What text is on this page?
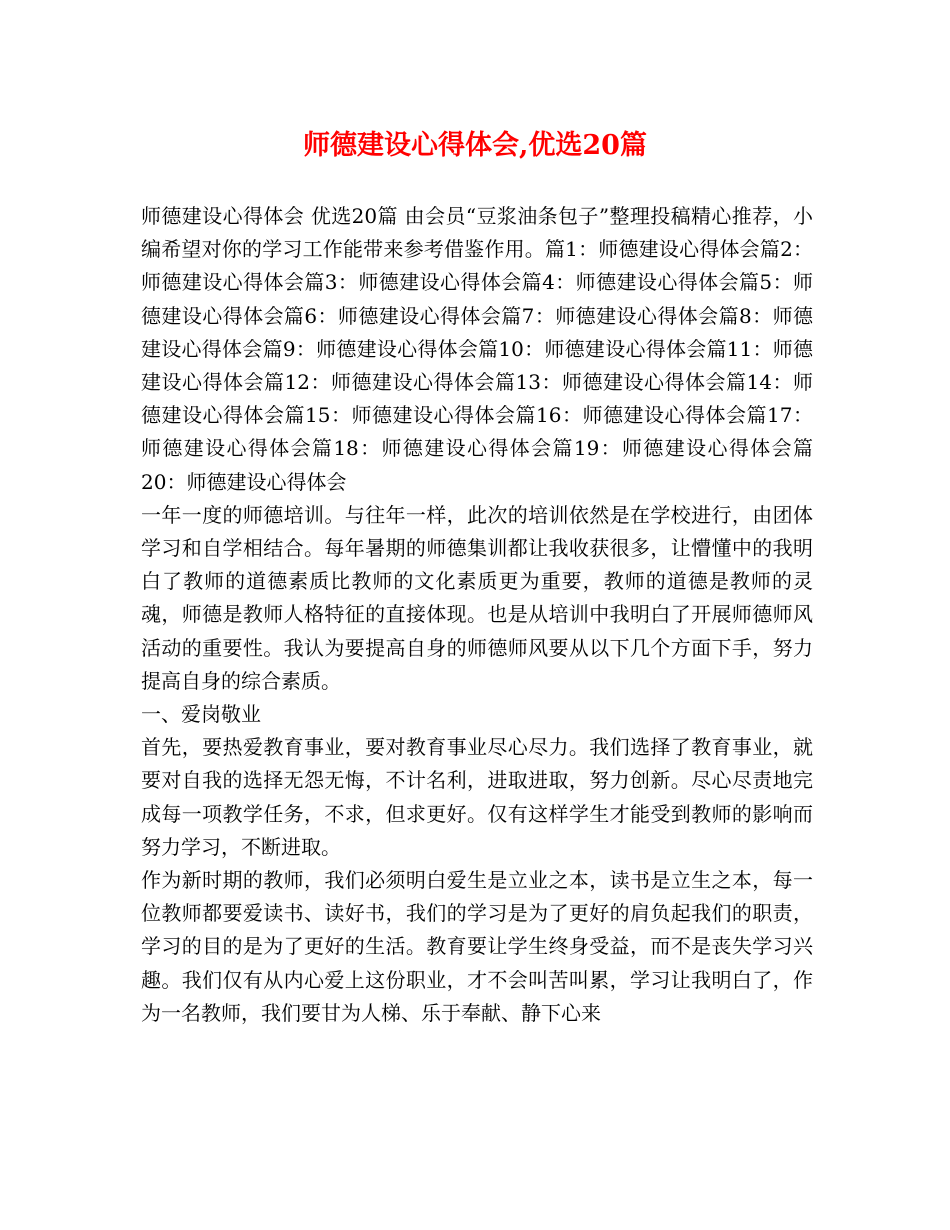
师德建设心得体会,优选20篇

师德建设心得体会 优选20篇 由会员“豆浆油条包子”整理投稿精心推荐，小编希望对你的学习工作能带来参考借鉴作用。篇1：师德建设心得体会篇2：师德建设心得体会篇3：师德建设心得体会篇4：师德建设心得体会篇5：师德建设心得体会篇6：师德建设心得体会篇7：师德建设心得体会篇8：师德建设心得体会篇9：师德建设心得体会篇10：师德建设心得体会篇11：师德建设心得体会篇12：师德建设心得体会篇13：师德建设心得体会篇14：师德建设心得体会篇15：师德建设心得体会篇16：师德建设心得体会篇17：师德建设心得体会篇18：师德建设心得体会篇19：师德建设心得体会篇20：师德建设心得体会

一年一度的师德培训。与往年一样，此次的培训依然是在学校进行，由团体学习和自学相结合。每年暑期的师德集训都让我收获很多，让懵懂中的我明白了教师的道德素质比教师的文化素质更为重要，教师的道德是教师的灵魂，师德是教师人格特征的直接体现。也是从培训中我明白了开展师德师风活动的重要性。我认为要提高自身的师德师风要从以下几个方面下手，努力提高自身的综合素质。

一、爱岗敬业

首先，要热爱教育事业，要对教育事业尽心尽力。我们选择了教育事业，就要对自我的选择无怨无悔，不计名利，进取进取，努力创新。尽心尽责地完成每一项教学任务，不求，但求更好。仅有这样学生才能受到教师的影响而努力学习，不断进取。

作为新时期的教师，我们必须明白爱生是立业之本，读书是立生之本，每一位教师都要爱读书、读好书，我们的学习是为了更好的肩负起我们的职责，学习的目的是为了更好的生活。教育要让学生终身受益，而不是丧失学习兴趣。我们仅有从内心爱上这份职业，才不会叫苦叫累，学习让我明白了，作为一名教师，我们要甘为人梯、乐于奉献、静下心来
